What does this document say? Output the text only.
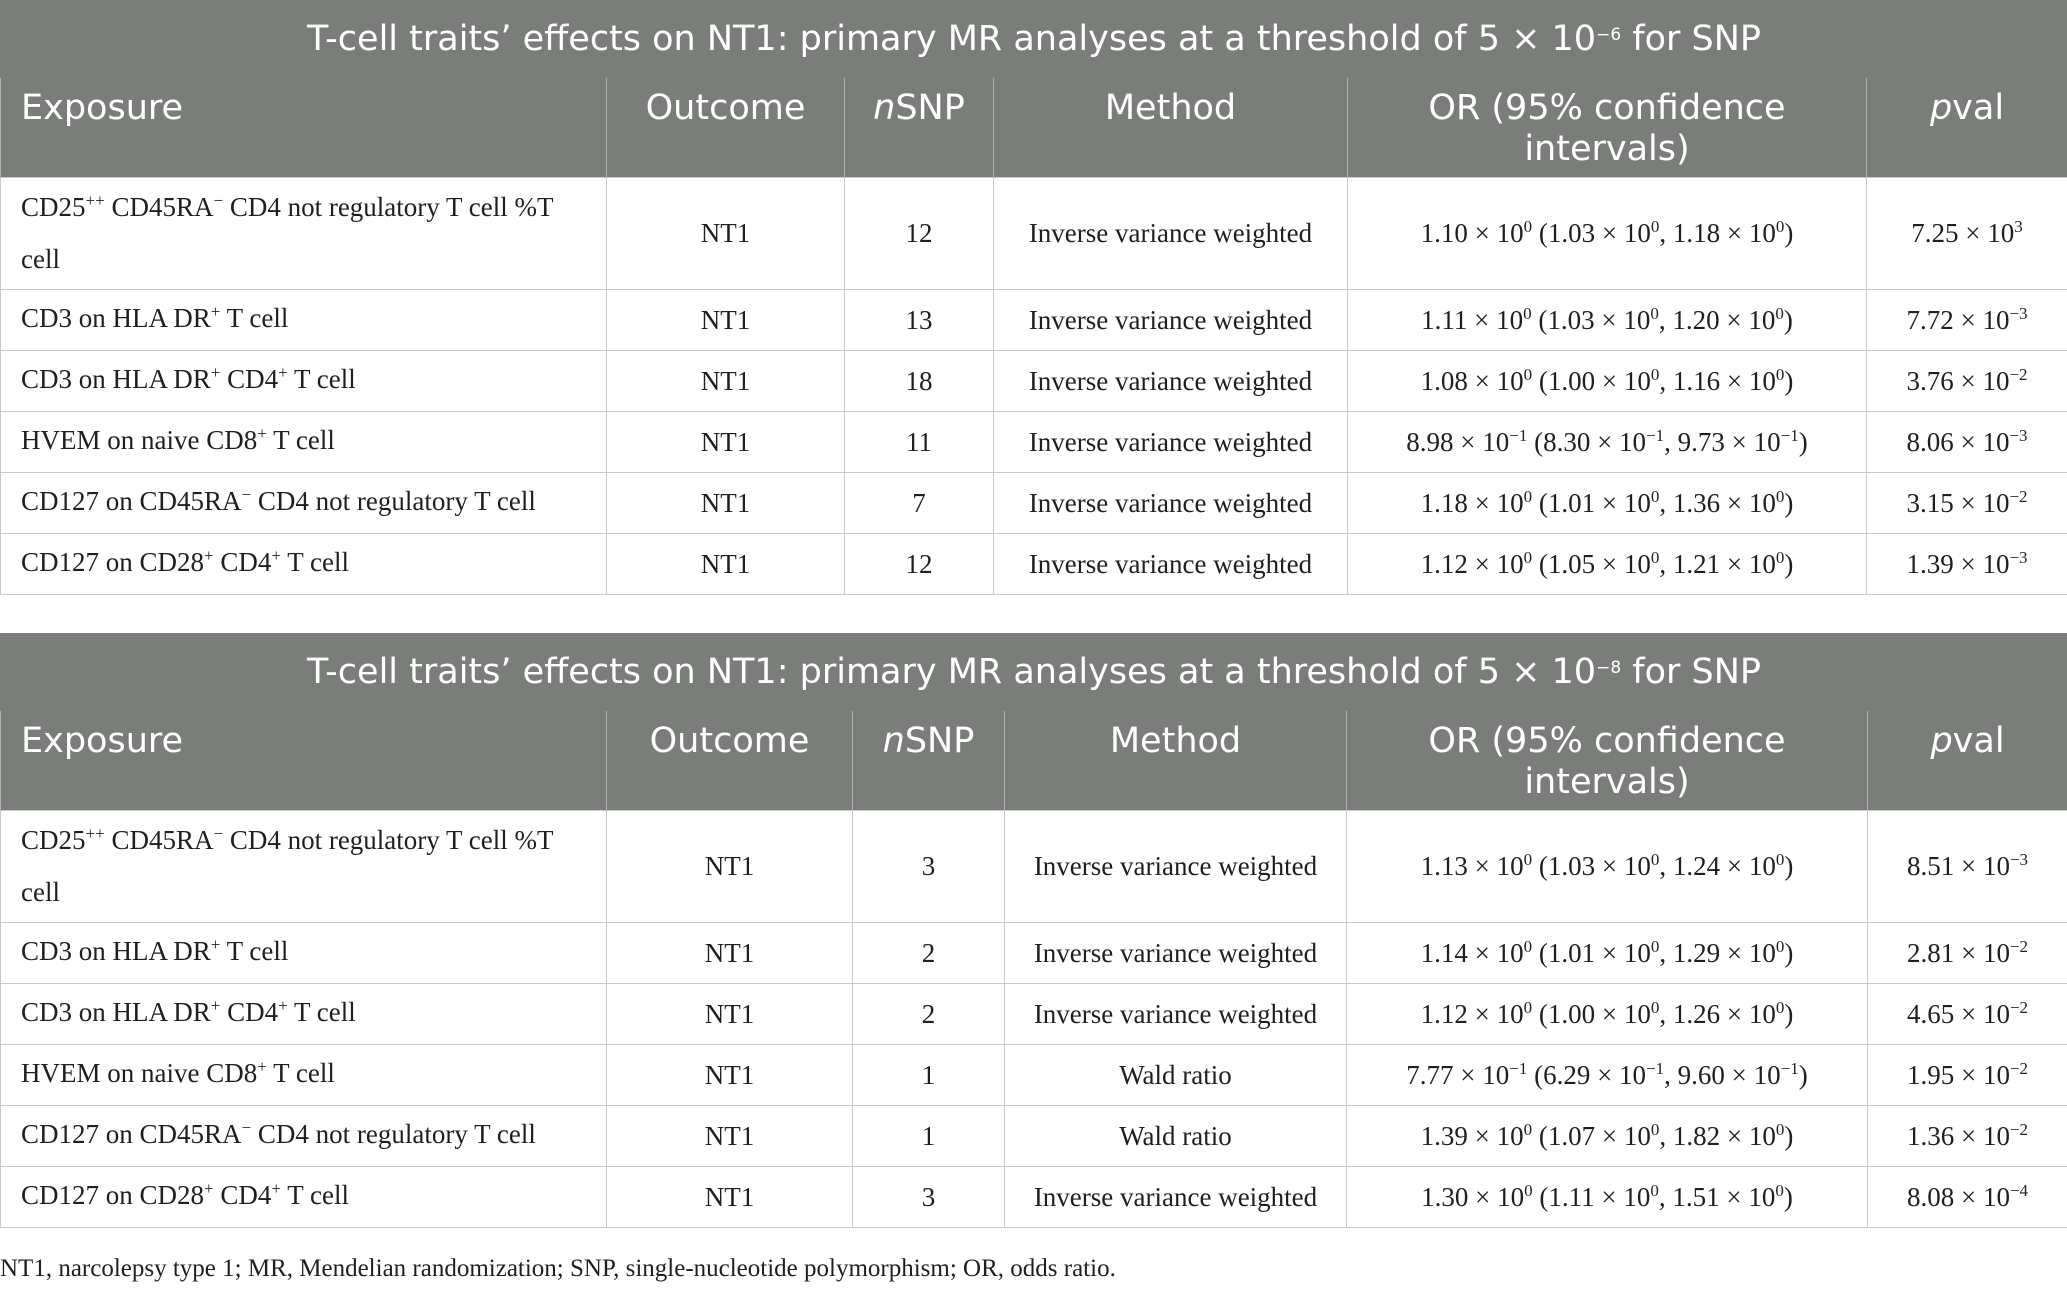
T-cell traits’ effects on NT1: primary MR analyses at a threshold of $5 \times 10^{-6}$ for SNP					
Exposure	Outcome	nSNP	Method	OR (95% confidence intervals)	pval
CD25++ CD45RA− CD4 not regulatory T cell %T cell	NT1	12	Inverse variance weighted	$1.10 \times 10^0$ ($1.03 \times 10^0$, $1.18 \times 10^0$)	$7.25 \times 10^3$
CD3 on HLA DR+ T cell	NT1	13	Inverse variance weighted	$1.11 \times 10^0$ ($1.03 \times 10^0$, $1.20 \times 10^0$)	$7.72 \times 10^{-3}$
CD3 on HLA DR+ CD4+ T cell	NT1	18	Inverse variance weighted	$1.08 \times 10^0$ ($1.00 \times 10^0$, $1.16 \times 10^0$)	$3.76 \times 10^{-2}$
HVEM on naive CD8+ T cell	NT1	11	Inverse variance weighted	$8.98 \times 10^{-1}$ ($8.30 \times 10^{-1}$, $9.73 \times 10^{-1}$)	$8.06 \times 10^{-3}$
CD127 on CD45RA− CD4 not regulatory T cell	NT1	7	Inverse variance weighted	$1.18 \times 10^0$ ($1.01 \times 10^0$, $1.36 \times 10^0$)	$3.15 \times 10^{-2}$
CD127 on CD28+ CD4+ T cell	NT1	12	Inverse variance weighted	$1.12 \times 10^0$ ($1.05 \times 10^0$, $1.21 \times 10^0$)	$1.39 \times 10^{-3}$
T-cell traits’ effects on NT1: primary MR analyses at a threshold of $5 \times 10^{-8}$ for SNP					
Exposure	Outcome	nSNP	Method	OR (95% confidence intervals)	pval
CD25++ CD45RA− CD4 not regulatory T cell %T cell	NT1	3	Inverse variance weighted	$1.13 \times 10^0$ ($1.03 \times 10^0$, $1.24 \times 10^0$)	$8.51 \times 10^{-3}$
CD3 on HLA DR+ T cell	NT1	2	Inverse variance weighted	$1.14 \times 10^0$ ($1.01 \times 10^0$, $1.29 \times 10^0$)	$2.81 \times 10^{-2}$
CD3 on HLA DR+ CD4+ T cell	NT1	2	Inverse variance weighted	$1.12 \times 10^0$ ($1.00 \times 10^0$, $1.26 \times 10^0$)	$4.65 \times 10^{-2}$
HVEM on naive CD8+ T cell	NT1	1	Wald ratio	$7.77 \times 10^{-1}$ ($6.29 \times 10^{-1}$, $9.60 \times 10^{-1}$)	$1.95 \times 10^{-2}$
CD127 on CD45RA− CD4 not regulatory T cell	NT1	1	Wald ratio	$1.39 \times 10^0$ ($1.07 \times 10^0$, $1.82 \times 10^0$)	$1.36 \times 10^{-2}$
CD127 on CD28+ CD4+ T cell	NT1	3	Inverse variance weighted	$1.30 \times 10^0$ ($1.11 \times 10^0$, $1.51 \times 10^0$)	$8.08 \times 10^{-4}$
NT1, narcolepsy type 1; MR, Mendelian randomization; SNP, single-nucleotide polymorphism; OR, odds ratio.
